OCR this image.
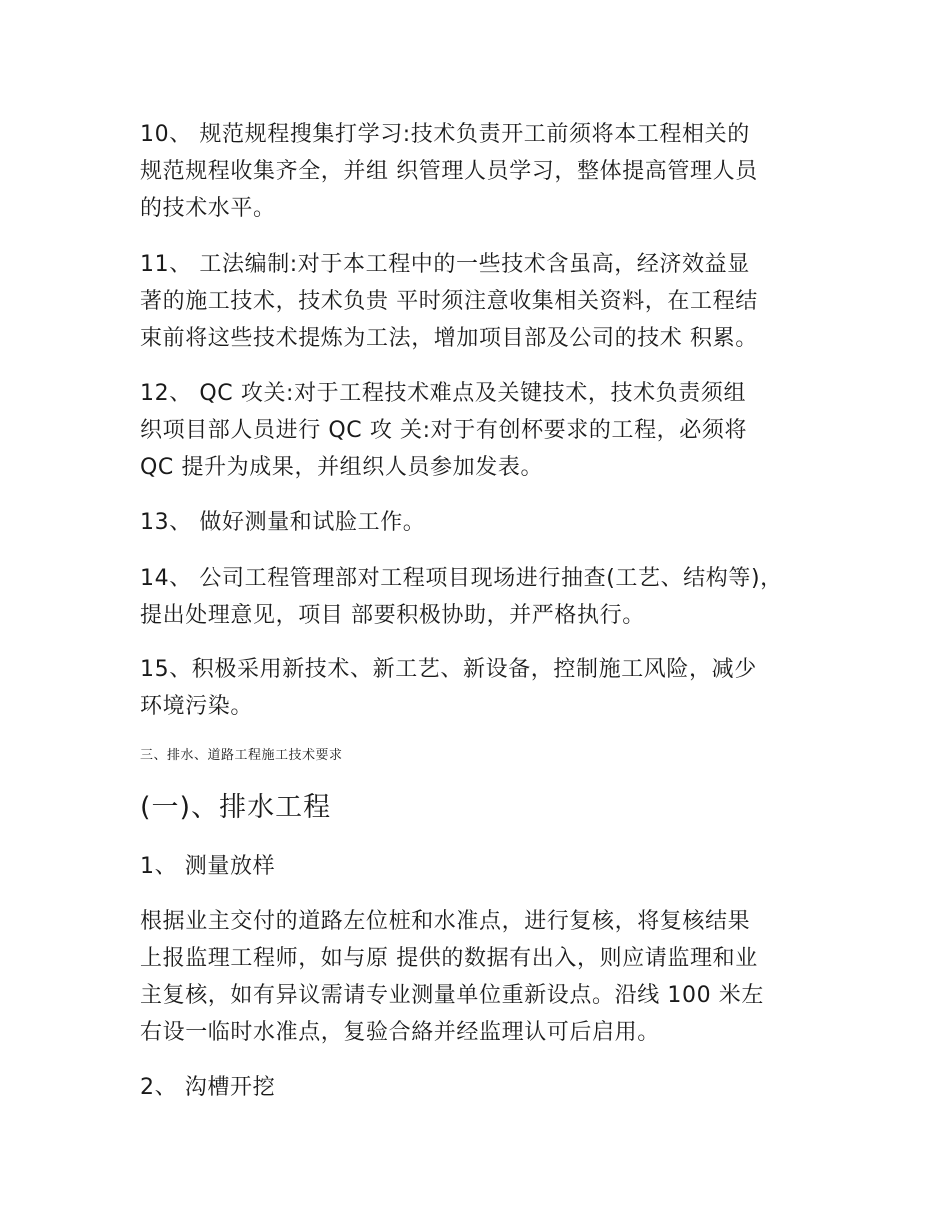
10、 规范规程搜集打学习:技术负责开工前须将本工程相关的
规范规程收集齐全，并组 织管理人员学习，整体提高管理人员
的技术水平。
11、 工法编制:对于本工程中的一些技术含虽高，经济效益显
著的施工技术，技术负贵 平时须注意收集相关资料，在工程结
束前将这些技术提炼为工法，增加项目部及公司的技术 积累。
12、 QC 攻关:对于工程技术难点及关键技术，技术负责须组
织项目部人员进行 QC 攻 关:对于有创杯要求的工程，必须将
QC 提升为成果，并组织人员参加发表。
13、 做好测量和试脸工作。
14、 公司工程管理部对工程项目现场进行抽查(工艺、结构等)，
提出处理意见，项目 部要积极协助，并严格执行。
15、积极采用新技术、新工艺、新设备，控制施工风险，减少
环境污染。

三、排水、道路工程施工技术要求

(一)、排水工程
1、 测量放样
根据业主交付的道路左位桩和水准点，进行复核，将复核结果
上报监理工程师，如与原 提供的数据有出入，则应请监理和业
主复核，如有异议需请专业测量单位重新设点。沿线 100 米左
右设一临时水准点，复验合絡并经监理认可后启用。
2、 沟槽开挖
